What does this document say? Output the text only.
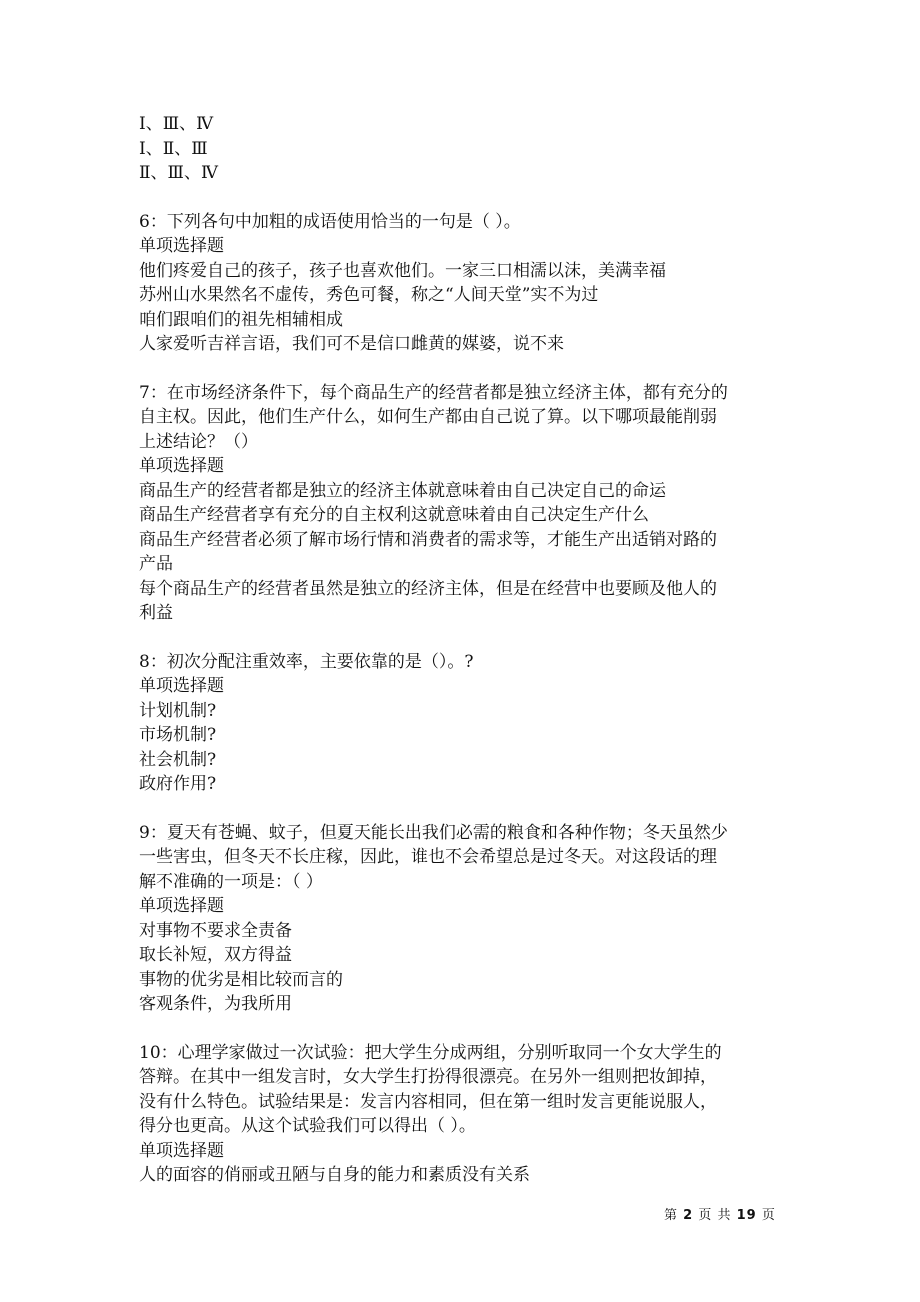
Ⅰ、Ⅲ、Ⅳ
Ⅰ、Ⅱ、Ⅲ
Ⅱ、Ⅲ、Ⅳ
6：下列各句中加粗的成语使用恰当的一句是（ ）。
单项选择题
他们疼爱自己的孩子，孩子也喜欢他们。一家三口相濡以沫，美满幸福
苏州山水果然名不虚传，秀色可餐，称之“人间天堂”实不为过
咱们跟咱们的祖先相辅相成
人家爱听吉祥言语，我们可不是信口雌黄的媒婆，说不来
7：在市场经济条件下，每个商品生产的经营者都是独立经济主体，都有充分的
自主权。因此，他们生产什么，如何生产都由自己说了算。以下哪项最能削弱
上述结论？（）
单项选择题
商品生产的经营者都是独立的经济主体就意味着由自己决定自己的命运
商品生产经营者享有充分的自主权利这就意味着由自己决定生产什么
商品生产经营者必须了解市场行情和消费者的需求等，才能生产出适销对路的
产品
每个商品生产的经营者虽然是独立的经济主体，但是在经营中也要顾及他人的
利益
8：初次分配注重效率，主要依靠的是（）。?
单项选择题
计划机制?
市场机制?
社会机制?
政府作用?
9：夏天有苍蝇、蚊子，但夏天能长出我们必需的粮食和各种作物；冬天虽然少
一些害虫，但冬天不长庄稼，因此，谁也不会希望总是过冬天。对这段话的理
解不准确的一项是：（ ）
单项选择题
对事物不要求全责备
取长补短，双方得益
事物的优劣是相比较而言的
客观条件，为我所用
10：心理学家做过一次试验：把大学生分成两组，分别听取同一个女大学生的
答辩。在其中一组发言时，女大学生打扮得很漂亮。在另外一组则把妆卸掉，
没有什么特色。试验结果是：发言内容相同，但在第一组时发言更能说服人，
得分也更高。从这个试验我们可以得出（ ）。
单项选择题
人的面容的俏丽或丑陋与自身的能力和素质没有关系
第 2 页 共 19 页
